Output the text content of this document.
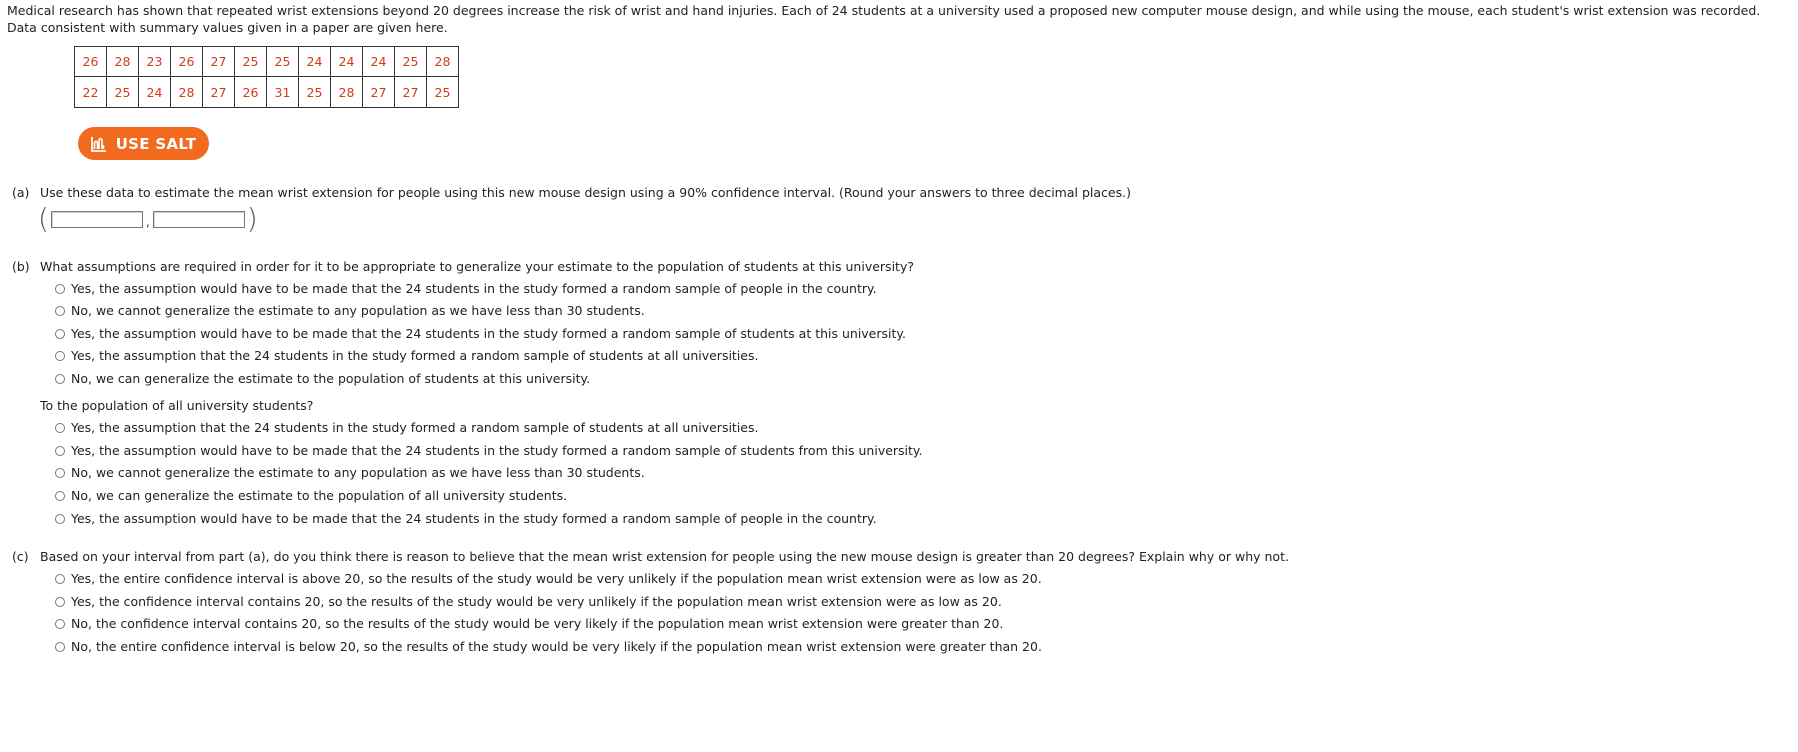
Medical research has shown that repeated wrist extensions beyond 20 degrees increase the risk of wrist and hand injuries. Each of 24 students at a university used a proposed new computer mouse design, and while using the mouse, each student's wrist extension was recorded. Data consistent with summary values given in a paper are given here.
26	28	23	26	27	25	25	24	24	24	25	28
22	25	24	28	27	26	31	25	28	27	27	25
USE SALT
(a) Use these data to estimate the mean wrist extension for people using this new mouse design using a 90% confidence interval. (Round your answers to three decimal places.)
(	,	)
(b) What assumptions are required in order for it to be appropriate to generalize your estimate to the population of students at this university?
Yes, the assumption would have to be made that the 24 students in the study formed a random sample of people in the country.
No, we cannot generalize the estimate to any population as we have less than 30 students.
Yes, the assumption would have to be made that the 24 students in the study formed a random sample of students at this university.
Yes, the assumption that the 24 students in the study formed a random sample of students at all universities.
No, we can generalize the estimate to the population of students at this university.
To the population of all university students?
Yes, the assumption that the 24 students in the study formed a random sample of students at all universities.
Yes, the assumption would have to be made that the 24 students in the study formed a random sample of students from this university.
No, we cannot generalize the estimate to any population as we have less than 30 students.
No, we can generalize the estimate to the population of all university students.
Yes, the assumption would have to be made that the 24 students in the study formed a random sample of people in the country.
(c) Based on your interval from part (a), do you think there is reason to believe that the mean wrist extension for people using the new mouse design is greater than 20 degrees? Explain why or why not.
Yes, the entire confidence interval is above 20, so the results of the study would be very unlikely if the population mean wrist extension were as low as 20.
Yes, the confidence interval contains 20, so the results of the study would be very unlikely if the population mean wrist extension were as low as 20.
No, the confidence interval contains 20, so the results of the study would be very likely if the population mean wrist extension were greater than 20.
No, the entire confidence interval is below 20, so the results of the study would be very likely if the population mean wrist extension were greater than 20.
